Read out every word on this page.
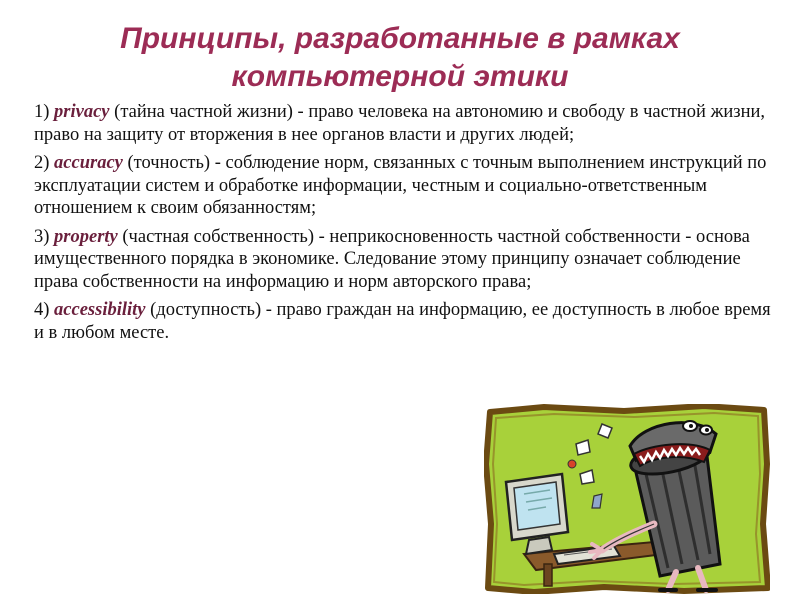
Принципы, разработанные в рамках
компьютерной этики

1) privacy (тайна частной жизни) - право человека на автономию и свободу в частной жизни, право на защиту от вторжения в нее органов власти и других людей;

2) accuracy (точность) - соблюдение норм, связанных с точным выполнением инструкций по эксплуатации систем и обработке информации, честным и социально-ответственным отношением к своим обязанностям;

3) property (частная собственность) - неприкосновенность частной собственности - основа имущественного порядка в экономике. Следование этому принципу означает соблюдение права собственности на информацию и норм авторского права;

4) accessibility (доступность) - право граждан на информацию, ее доступность в любое время и в любом месте.
